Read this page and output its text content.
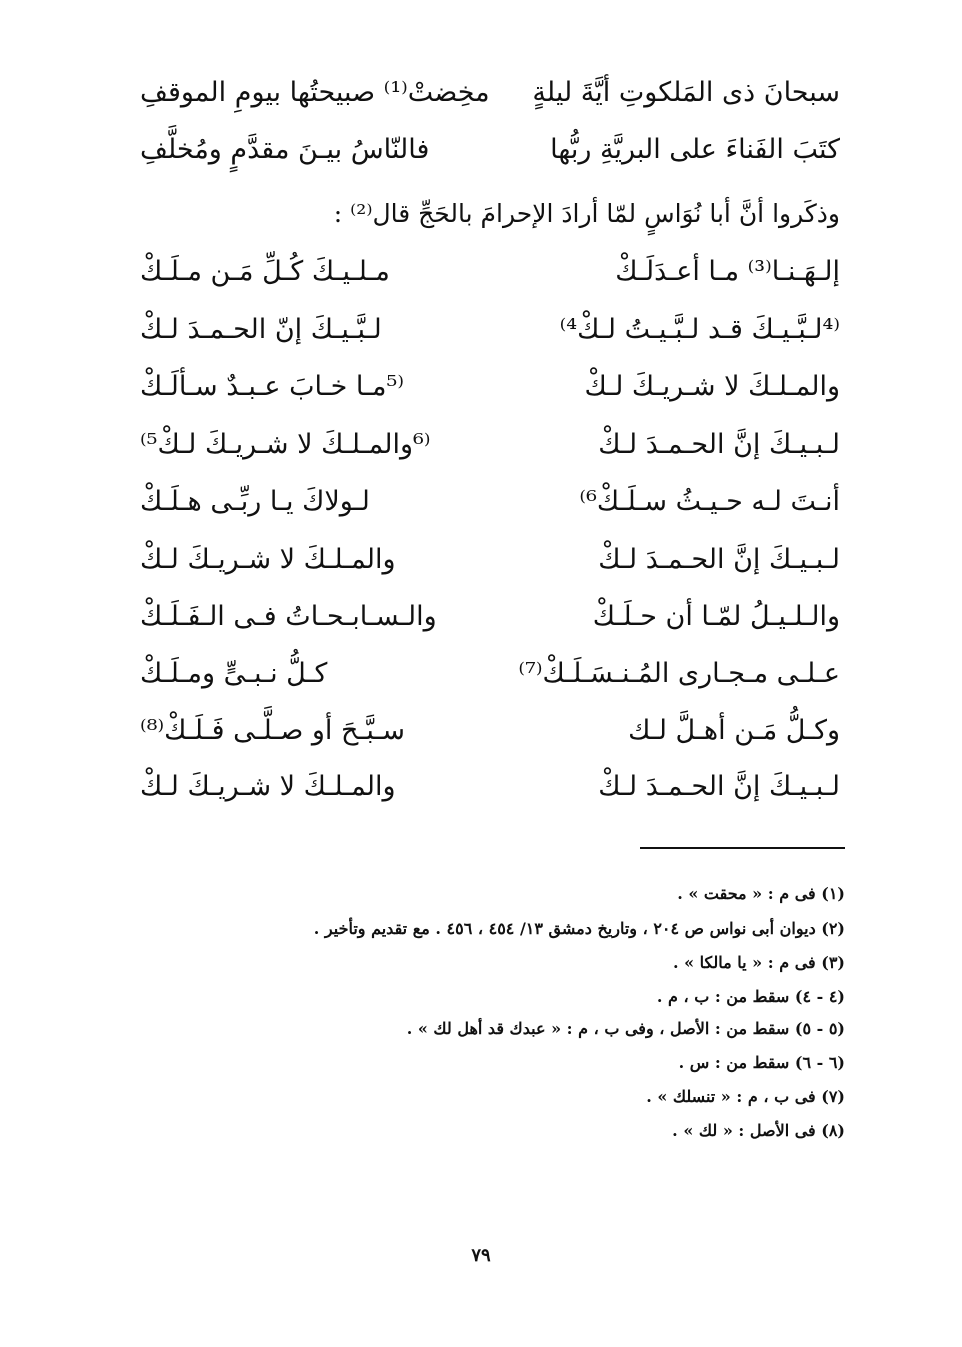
سبحانَ ذى المَلكوتِ أيَّةَ ليلةٍ
مخِضتْ⁽¹⁾ صبيحتُها بيومِ الموقفِ
كتَبَ الفَناءَ على البريَّةِ ربُّها
فالنّاسُ بيـنَ مقدَّمٍ ومُخلَّفِ
وذكَروا أنَّ أبا نُوَاسٍ لمّا أرادَ الإحرامَ بالحَجِّ قال⁽²⁾ :
إلـهَـنـا⁽³⁾ مـا أعـدَلَـكْ
مـلـيـكَ كُـلِّ مَـن مـلَـكْ
⁽⁴لـبَّـيـكَ قـد لـبَّـيـتُ لـكْ⁴⁾
لـبَّـيـكَ إنّ الحـمـدَ لـكْ
والمـلـكَ لا شـريـكَ لـكْ
⁽⁵مـا خـابَ عـبـدٌ سـألَـكْ
لـبـيـكَ إنَّ الحـمـدَ لـكْ
⁽⁶والمـلـكَ لا شـريـكَ لـكْ⁵⁾
أنـتَ لـه حـيـثُ سـلَـكْ⁶⁾
لـولاكَ يـا ربِّـى هـلَـكْ
لـبـيـكَ إنَّ الحـمـدَ لـكْ
والمـلـكَ لا شـريـكَ لـكْ
والـلـيـلُ لمّـا أن حـلَـكْ
والـسـابـحـاتُ فـى الـفَـلَـكْ
عـلـى مـجـارى المُـنـسَـلَـكْ⁽⁷⁾
كـلُّ نـبـىٍّ ومـلَـكْ
وكـلُّ مَـن أهـلَّ لـك
سـبَّـحَ أو صـلَّـى فَـلَـكْ⁽⁸⁾
لـبـيـكَ إنَّ الحـمـدَ لـكْ
والمـلـكَ لا شـريـكَ لـكْ
(١) فى م : « محقت » .
(٢) ديوان أبى نواس ص ٢٠٤ ، وتاريخ دمشق ١٣/ ٤٥٤ ، ٤٥٦ . مع تقديم وتأخير .
(٣) فى م : « يا مالكا » .
(٤ - ٤) سقط من : ب ، م .
(٥ - ٥) سقط من : الأصل ، وفى ب ، م : « عبدك قد أهل لك » .
(٦ - ٦) سقط من : س .
(٧) فى ب ، م : « تنسلك » .
(٨) فى الأصل : « لك » .
٧٩
